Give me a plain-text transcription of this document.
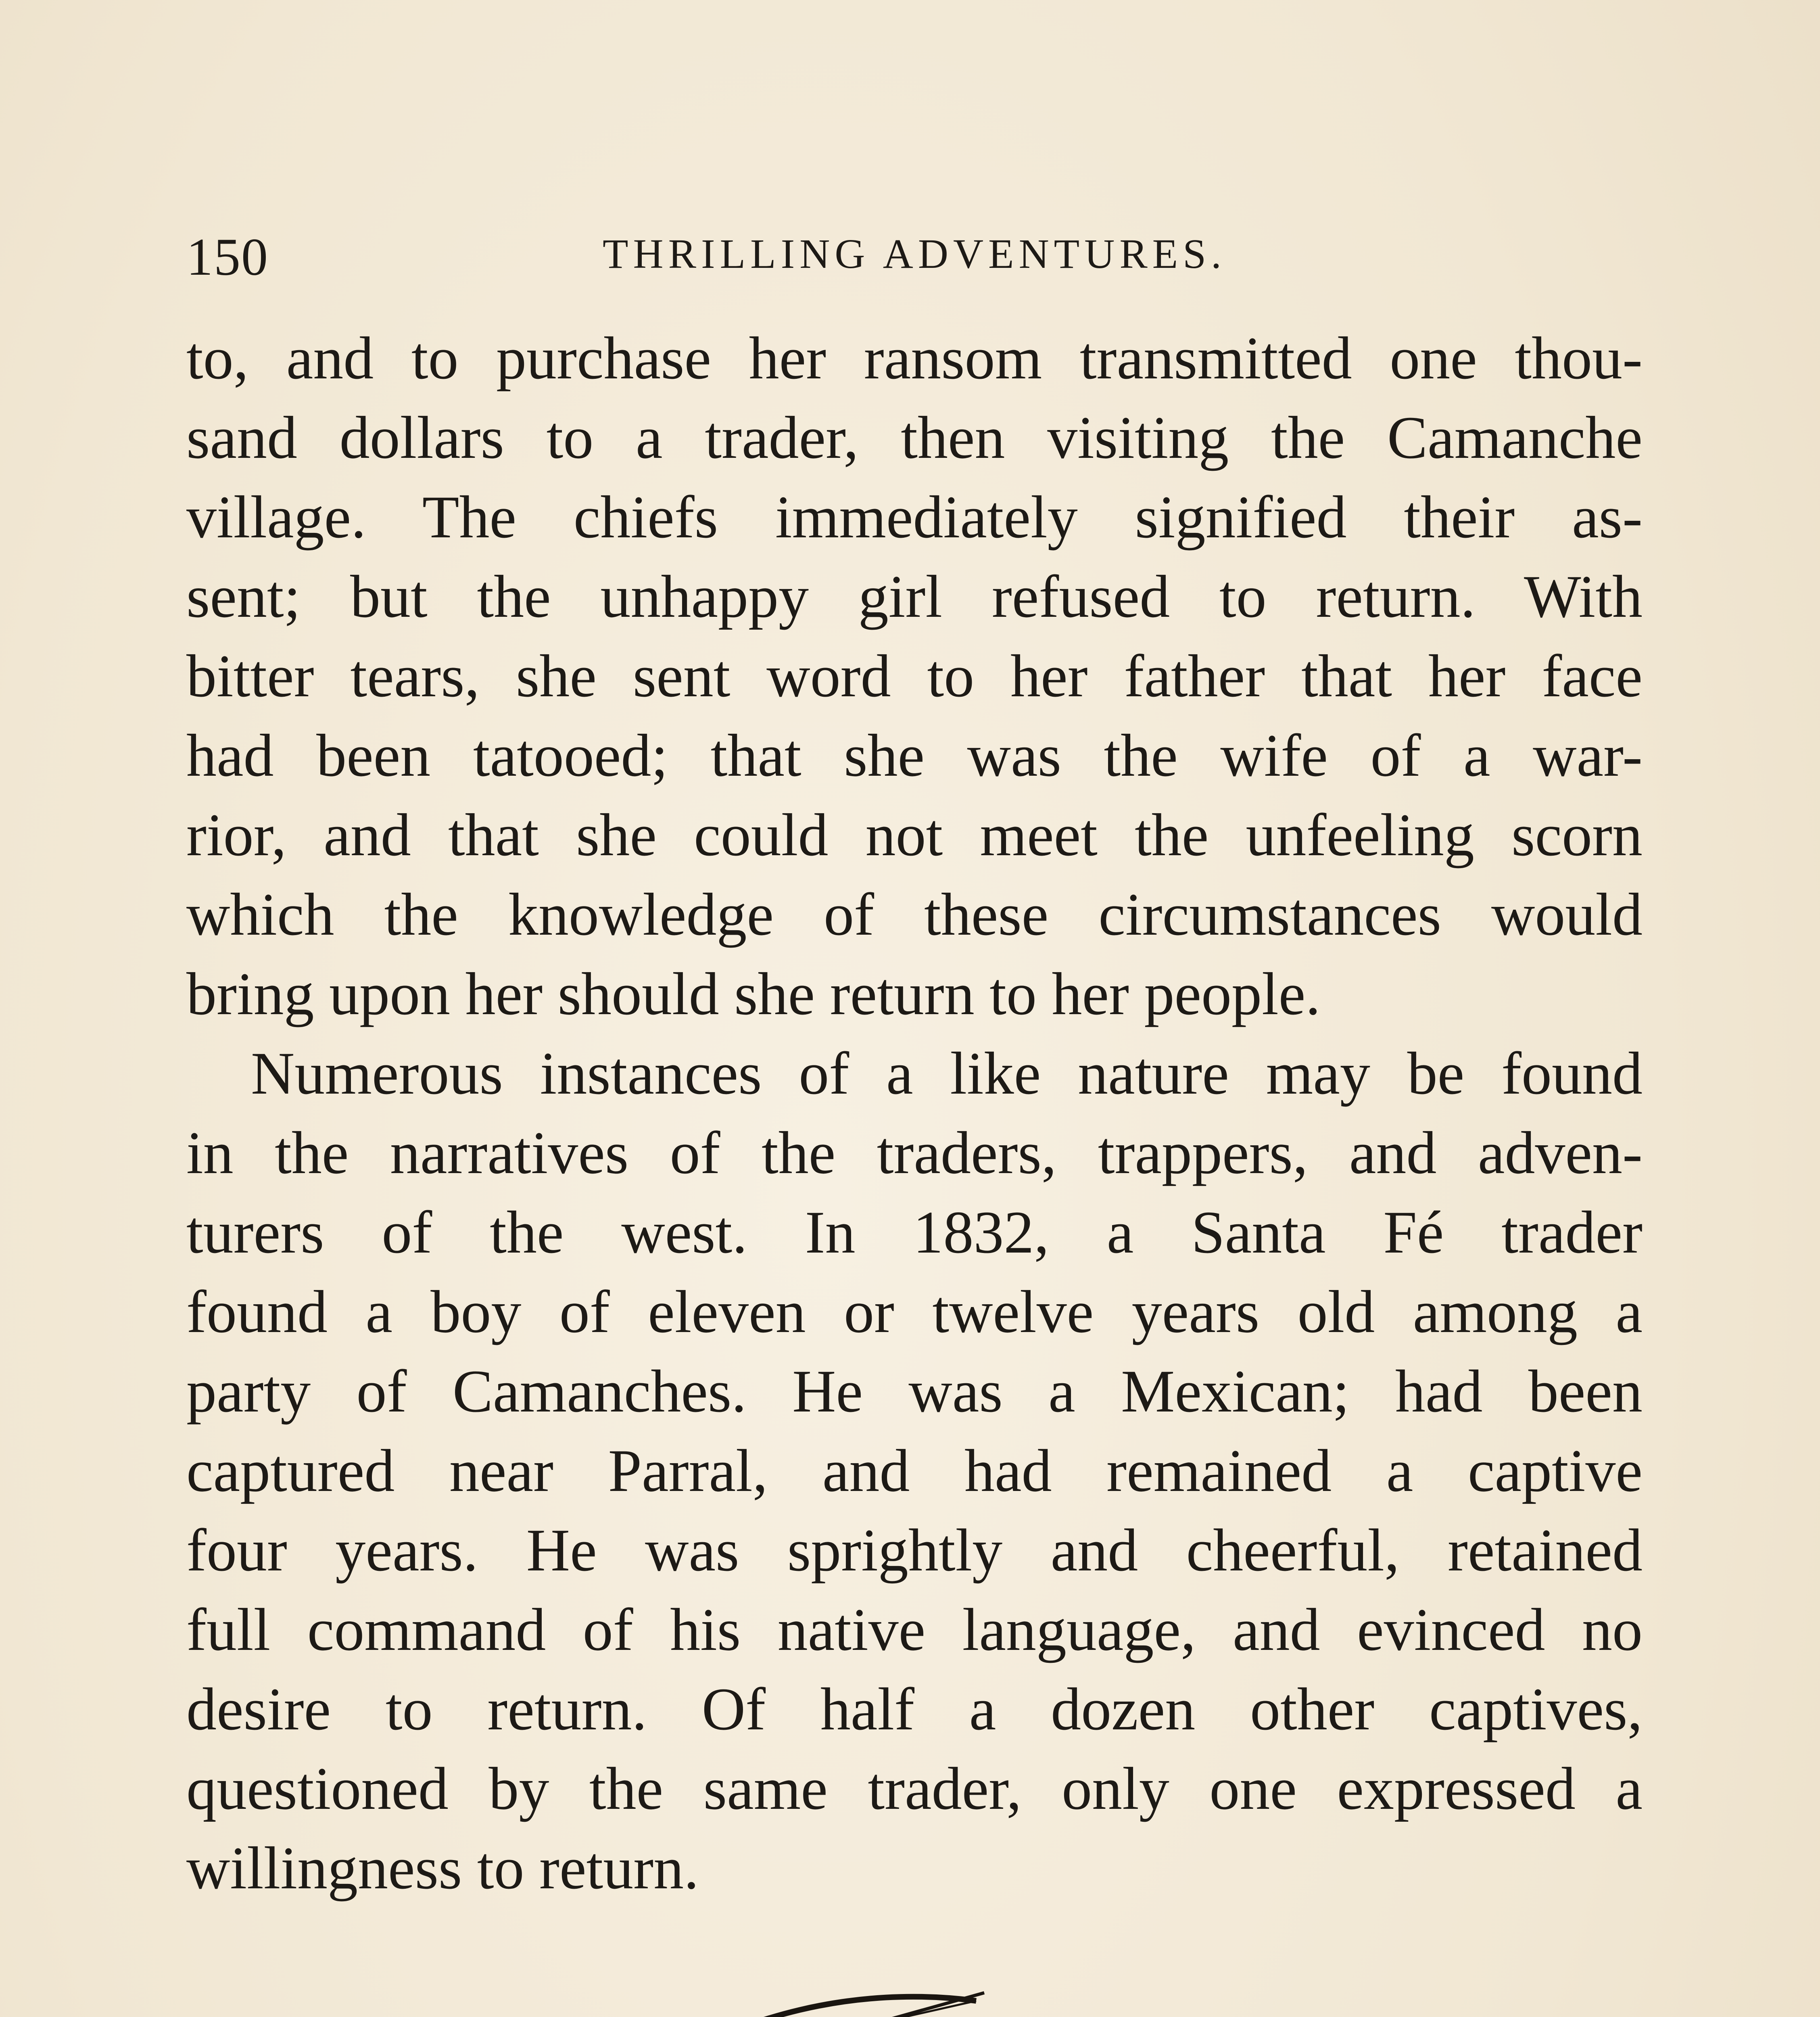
150	THRILLING ADVENTURES.
to, and to purchase her ransom transmitted one thou-
sand dollars to a trader, then visiting the Camanche
village. The chiefs immediately signified their as-
sent; but the unhappy girl refused to return. With
bitter tears, she sent word to her father that her face
had been tatooed; that she was the wife of a war-
rior, and that she could not meet the unfeeling scorn
which the knowledge of these circumstances would
bring upon her should she return to her people.
Numerous instances of a like nature may be found
in the narratives of the traders, trappers, and adven-
turers of the west. In 1832, a Santa Fé trader
found a boy of eleven or twelve years old among a
party of Camanches. He was a Mexican; had been
captured near Parral, and had remained a captive
four years. He was sprightly and cheerful, retained
full command of his native language, and evinced no
desire to return. Of half a dozen other captives,
questioned by the same trader, only one expressed a
willingness to return.
